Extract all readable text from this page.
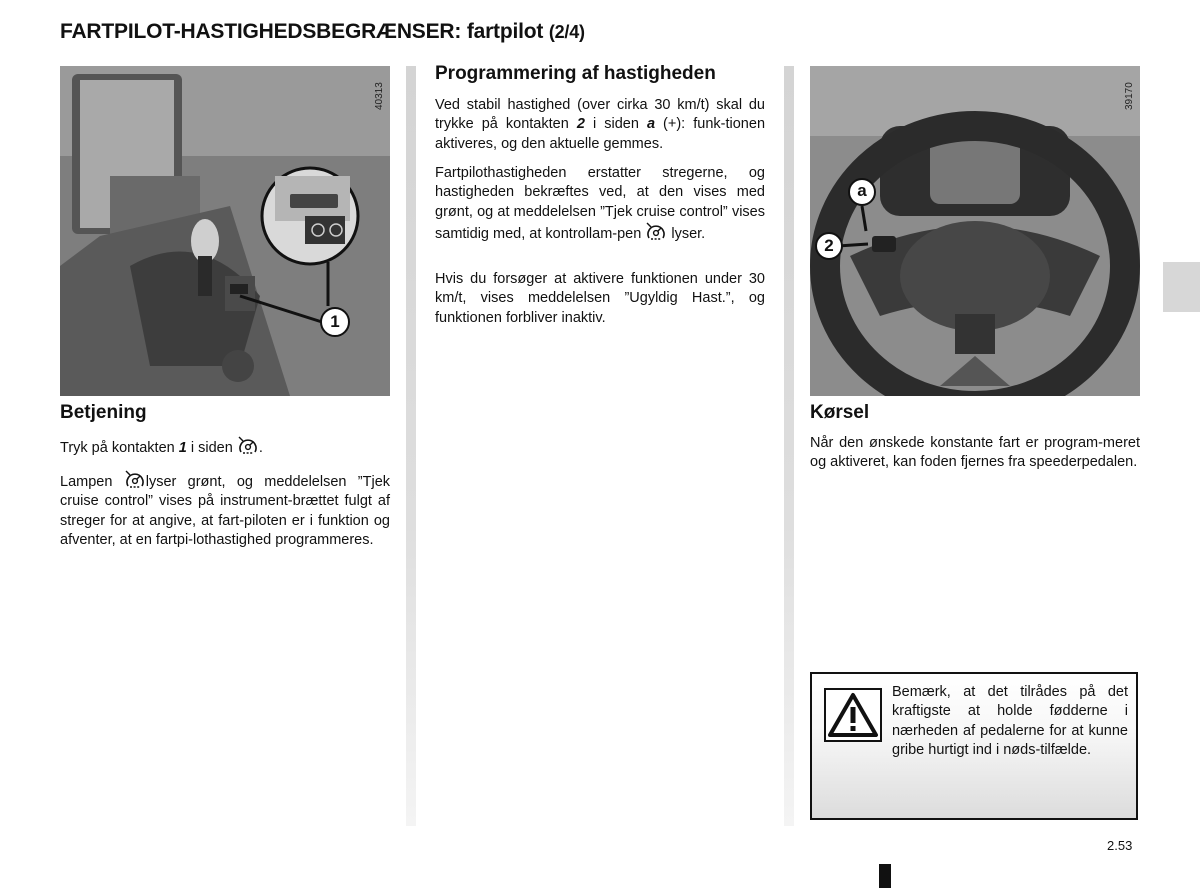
FARTPILOT-HASTIGHEDSBEGRÆNSER: fartpilot (2/4)
1
40313
Betjening

Tryk på kontakten 1 i siden .

Lampen lyser grønt, og meddelelsen ”Tjek cruise control” vises på instrument-brættet fulgt af streger for at angive, at fart-piloten er i funktion og afventer, at en fartpi-lothastighed programmeres.

Programmering af hastigheden

Ved stabil hastighed (over cirka 30 km/t) skal du trykke på kontakten 2 i siden a (+): funk-tionen aktiveres, og den aktuelle gemmes.

Fartpilothastigheden erstatter stregerne, og hastigheden bekræftes ved, at den vises med grønt, og at meddelelsen ”Tjek cruise control” vises samtidig med, at kontrollam-pen  lyser.

Hvis du forsøger at aktivere funktionen under 30 km/t, vises meddelelsen ”Ugyldig Hast.”, og funktionen forbliver inaktiv.

2
a
39170
Kørsel

Når den ønskede konstante fart er program-meret og aktiveret, kan foden fjernes fra speederpedalen.

Bemærk, at det tilrådes på det kraftigste at holde fødderne i nærheden af pedalerne for at kunne gribe hurtigt ind i nøds-tilfælde.

2.53
